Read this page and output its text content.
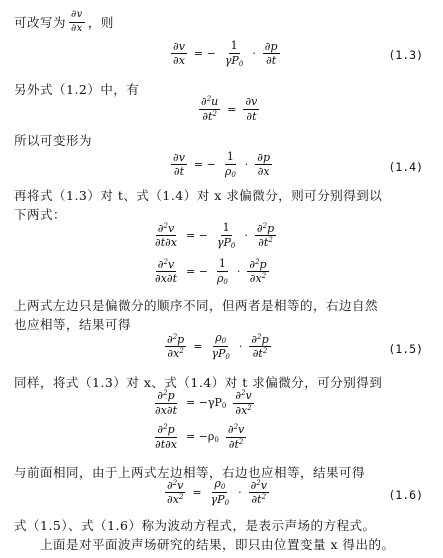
可改写为 $\frac{\partial v}{\partial x}$ ，则
$\frac{\partial v}{\partial x}$ = − $\frac{1}{\gamma P_0} \cdot \frac{\partial p}{\partial t}$	(1.3)
另外式（1.2）中，有
$\frac{\partial^2u}{\partial t^2} = \frac{\partial v}{\partial t}$
所以可变形为
$\frac{\partial v}{\partial t}$ = − $\frac{1}{\rho_0} \cdot \frac{\partial p}{\partial x}$	(1.4)
再将式（1.3）对 t、式（1.4）对 x 求偏微分，则可分别得到以
下两式：
$\frac{\partial^2v}{\partial t\partial x}$ = − $\frac{1}{\gamma P_0} \cdot \frac{\partial^2p}{\partial t^2}$
$\frac{\partial^2v}{\partial x\partial t}$ = − $\frac{1}{\rho_0} \cdot \frac{\partial^2p}{\partial x^2}$
上两式左边只是偏微分的顺序不同，但两者是相等的，右边自然
也应相等，结果可得
$\frac{\partial^2p}{\partial x^2} = \frac{\rho_0}{\gamma P_0} \cdot \frac{\partial^2p}{\partial t^2}$	(1.5)
同样，将式（1.3）对 x、式（1.4）对 t 求偏微分，可分别得到
$\frac{\partial^2p}{\partial x\partial t} = -\gamma P_0 \frac{\partial^2v}{\partial x^2}$
$\frac{\partial^2p}{\partial t\partial x} = -\rho_0 \frac{\partial^2v}{\partial t^2}$
与前面相同，由于上两式左边相等，右边也应相等，结果可得
$\frac{\partial^2v}{\partial x^2} = \frac{\rho_0}{\gamma P_0} \cdot \frac{\partial^2v}{\partial t^2}$	(1.6)
式（1.5）、式（1.6）称为波动方程式，是表示声场的方程式。
上面是对平面波声场研究的结果，即只由位置变量 x 得出的。
